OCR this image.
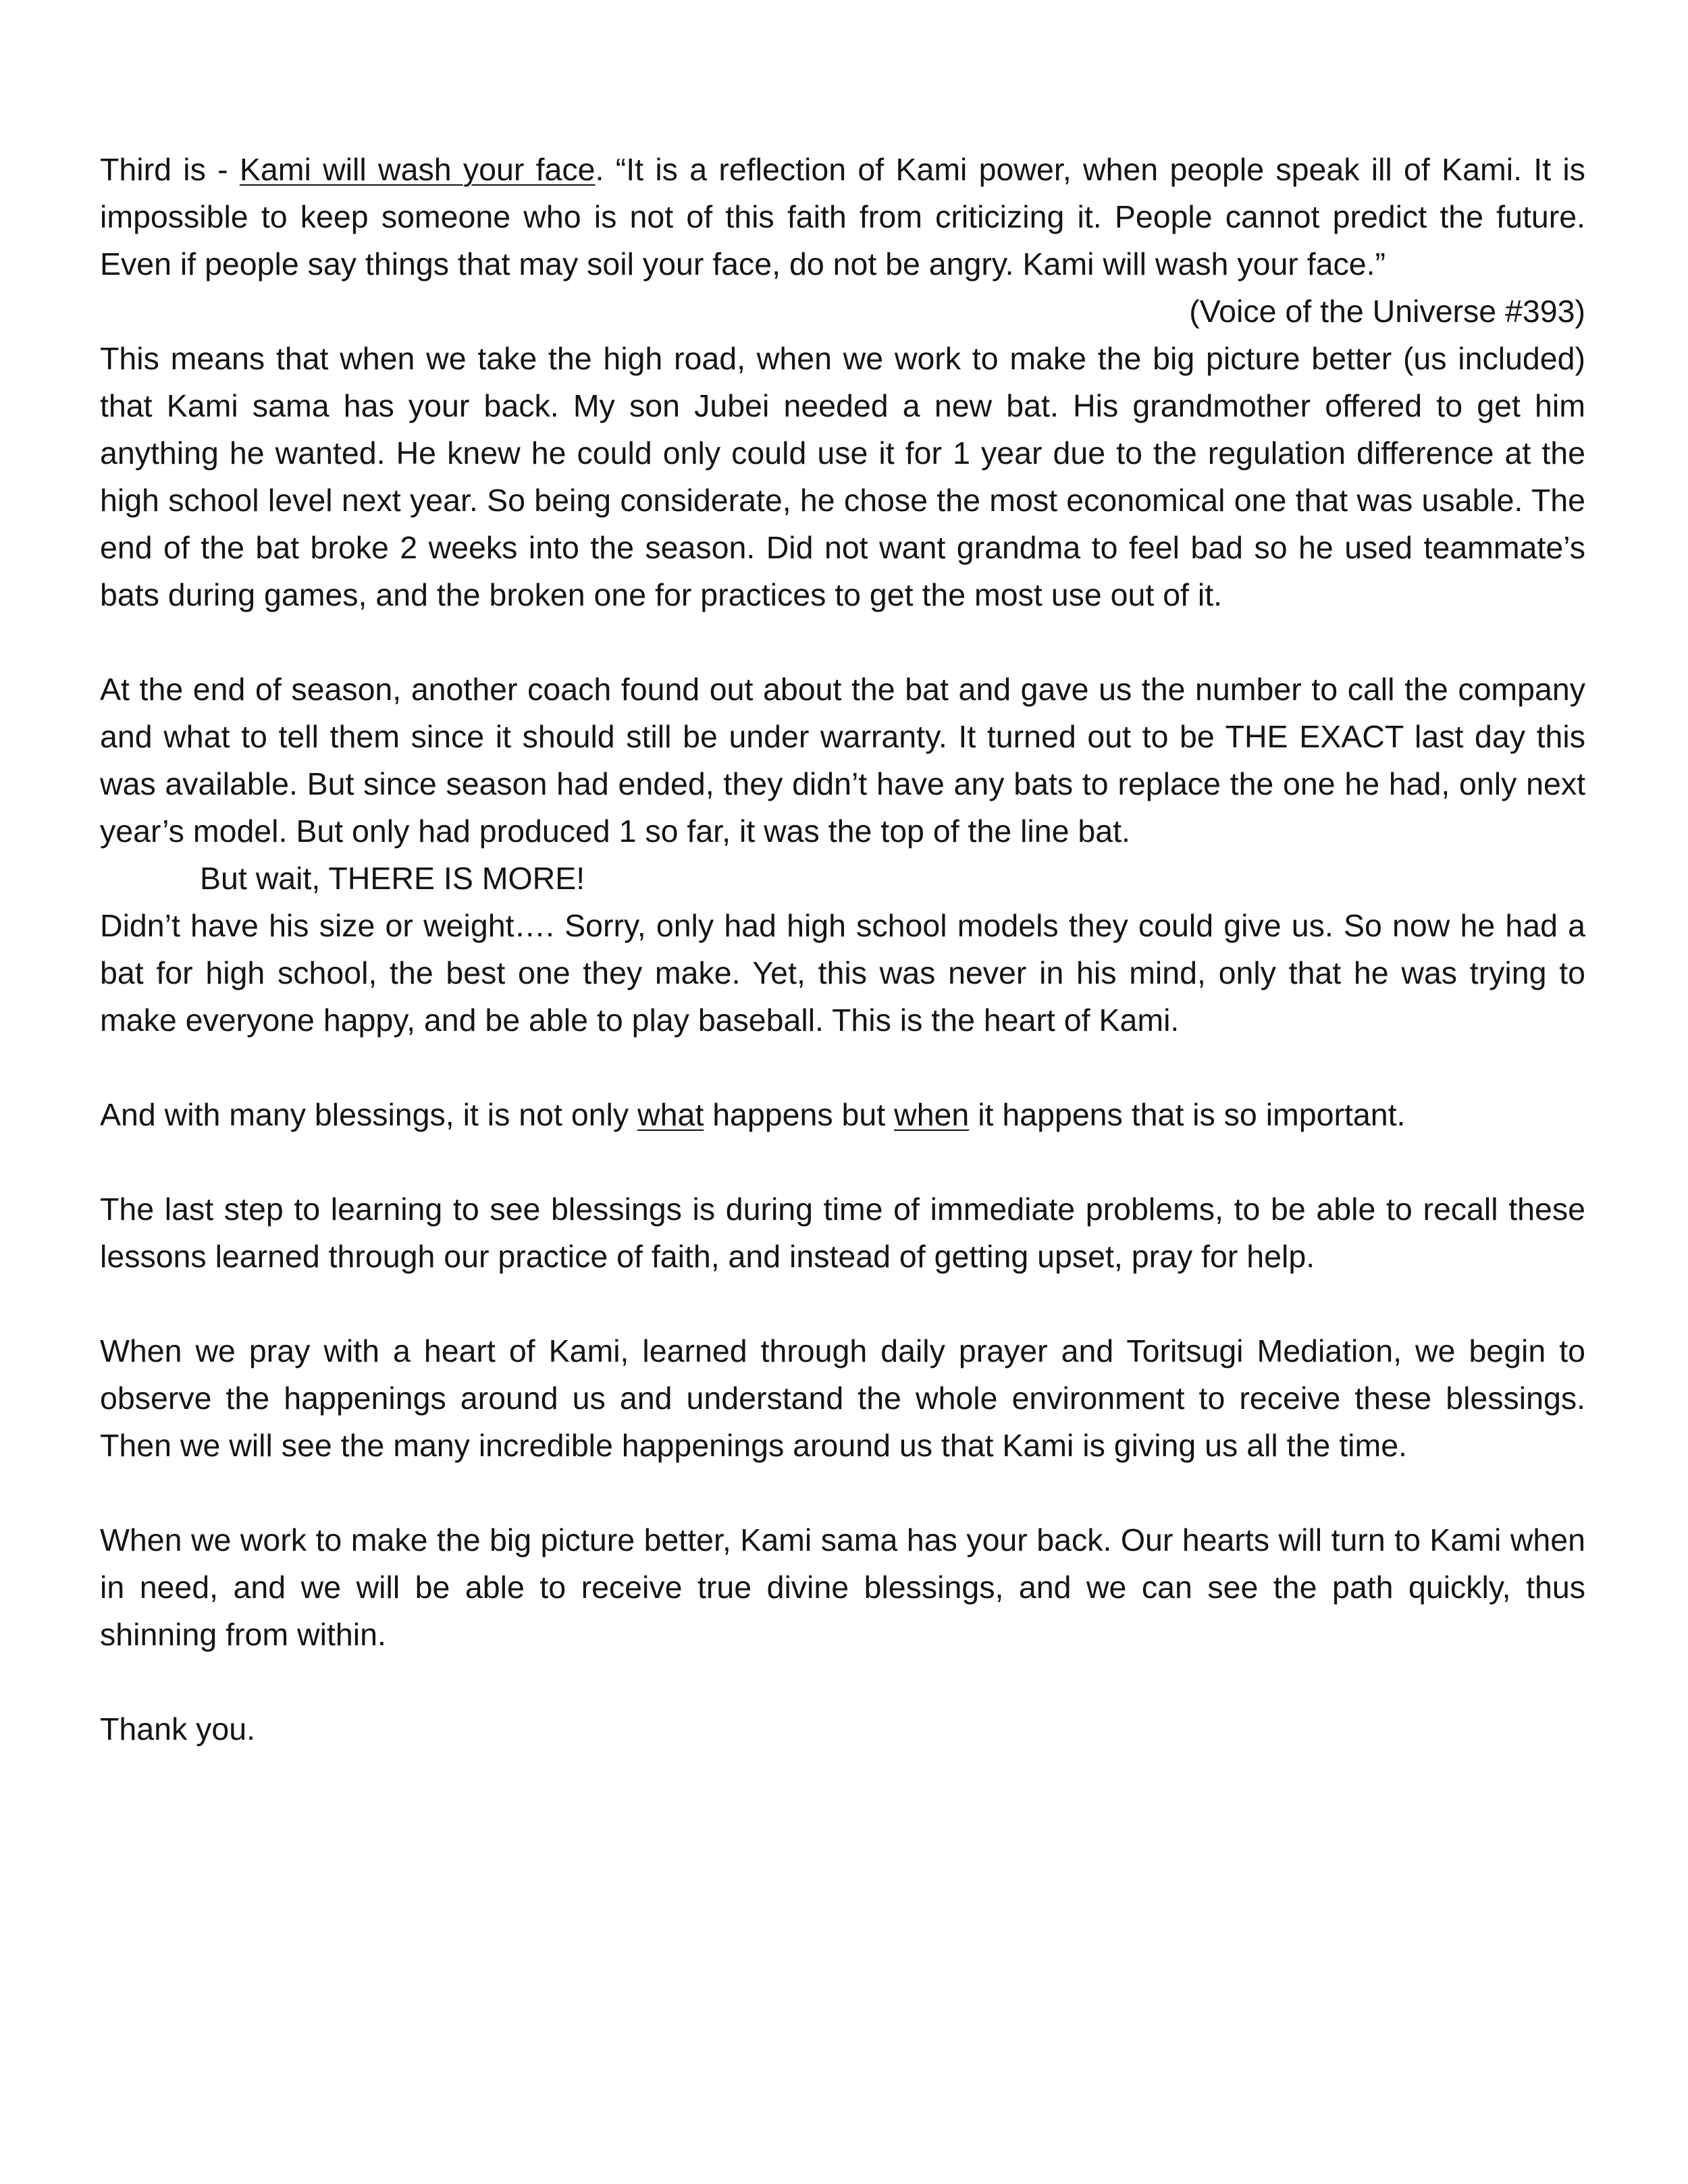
Third is - Kami will wash your face. “It is a reflection of Kami power, when people speak ill of Kami. It is impossible to keep someone who is not of this faith from criticizing it. People cannot predict the future. Even if people say things that may soil your face, do not be angry. Kami will wash your face.”

(Voice of the Universe #393)

This means that when we take the high road, when we work to make the big picture better (us included) that Kami sama has your back. My son Jubei needed a new bat. His grandmother offered to get him anything he wanted. He knew he could only could use it for 1 year due to the regulation difference at the high school level next year. So being considerate, he chose the most economical one that was usable. The end of the bat broke 2 weeks into the season. Did not want grandma to feel bad so he used teammate’s bats during games, and the broken one for practices to get the most use out of it.

At the end of season, another coach found out about the bat and gave us the number to call the company and what to tell them since it should still be under warranty. It turned out to be THE EXACT last day this was available. But since season had ended, they didn’t have any bats to replace the one he had, only next year’s model. But only had produced 1 so far, it was the top of the line bat.

But wait, THERE IS MORE!

Didn’t have his size or weight…. Sorry, only had high school models they could give us. So now he had a bat for high school, the best one they make. Yet, this was never in his mind, only that he was trying to make everyone happy, and be able to play baseball. This is the heart of Kami.

And with many blessings, it is not only what happens but when it happens that is so important.

The last step to learning to see blessings is during time of immediate problems, to be able to recall these lessons learned through our practice of faith, and instead of getting upset, pray for help.

When we pray with a heart of Kami, learned through daily prayer and Toritsugi Mediation, we begin to observe the happenings around us and understand the whole environment to receive these blessings. Then we will see the many incredible happenings around us that Kami is giving us all the time.

When we work to make the big picture better, Kami sama has your back. Our hearts will turn to Kami when in need, and we will be able to receive true divine blessings, and we can see the path quickly, thus shinning from within.

Thank you.
